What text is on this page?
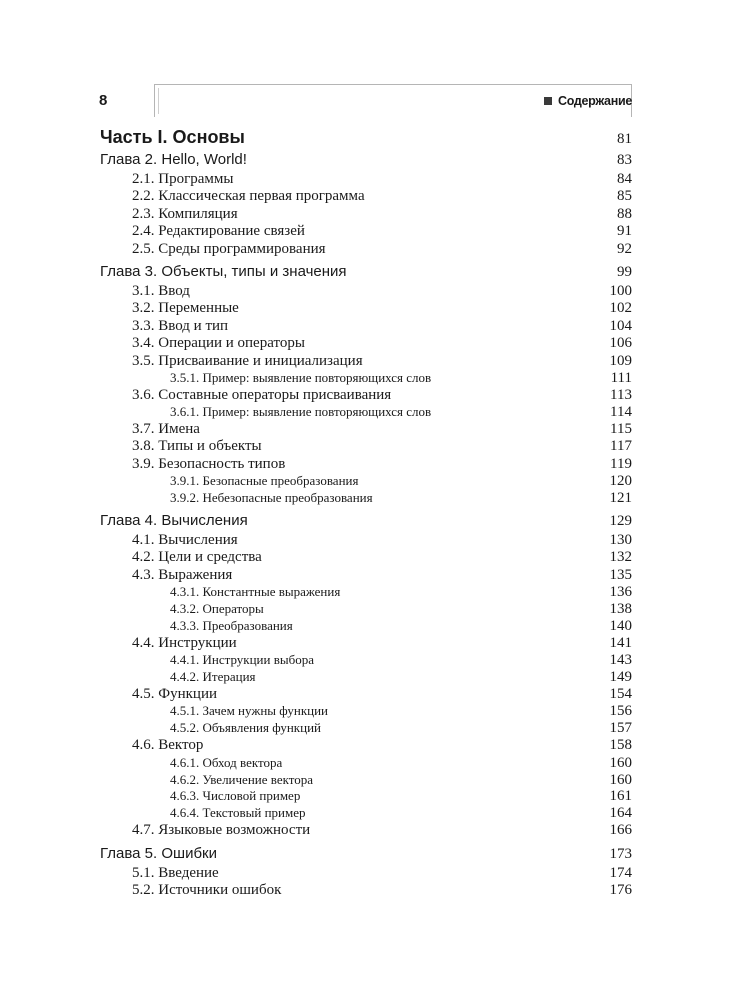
8	Содержание
Часть I. Основы	81
Глава 2. Hello, World!	83
2.1. Программы	84
2.2. Классическая первая программа	85
2.3. Компиляция	88
2.4. Редактирование связей	91
2.5. Среды программирования	92
Глава 3. Объекты, типы и значения	99
3.1. Ввод	100
3.2. Переменные	102
3.3. Ввод и тип	104
3.4. Операции и операторы	106
3.5. Присваивание и инициализация	109
3.5.1. Пример: выявление повторяющихся слов	111
3.6. Составные операторы присваивания	113
3.6.1. Пример: выявление повторяющихся слов	114
3.7. Имена	115
3.8. Типы и объекты	117
3.9. Безопасность типов	119
3.9.1. Безопасные преобразования	120
3.9.2. Небезопасные преобразования	121
Глава 4. Вычисления	129
4.1. Вычисления	130
4.2. Цели и средства	132
4.3. Выражения	135
4.3.1. Константные выражения	136
4.3.2. Операторы	138
4.3.3. Преобразования	140
4.4. Инструкции	141
4.4.1. Инструкции выбора	143
4.4.2. Итерация	149
4.5. Функции	154
4.5.1. Зачем нужны функции	156
4.5.2. Объявления функций	157
4.6. Вектор	158
4.6.1. Обход вектора	160
4.6.2. Увеличение вектора	160
4.6.3. Числовой пример	161
4.6.4. Текстовый пример	164
4.7. Языковые возможности	166
Глава 5. Ошибки	173
5.1. Введение	174
5.2. Источники ошибок	176
